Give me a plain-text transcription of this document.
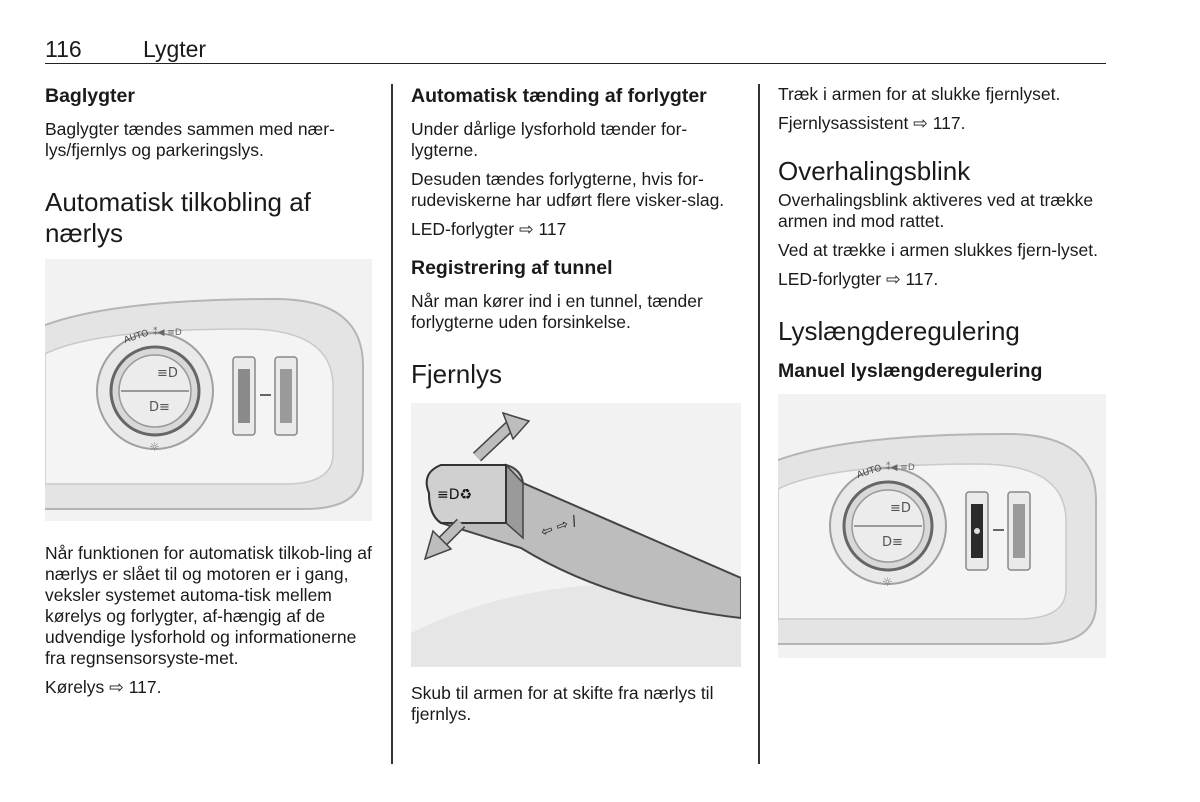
116	Lygter
Baglygter

Baglygter tændes sammen med nær-lys/fjernlys og parkeringslys.

Automatisk tilkobling af nærlys
≡D
D≡
AUTO ⁑◀ ≡D
☼

Når funktionen for automatisk tilkob-ling af nærlys er slået til og motoren er i gang, veksler systemet automa-tisk mellem kørelys og forlygter, af-hængig af de udvendige lysforhold og informationerne fra regnsensorsyste-met.

Kørelys ⇨ 117.

Automatisk tænding af forlygter

Under dårlige lysforhold tænder for-lygterne.

Desuden tændes forlygterne, hvis for-rudeviskerne har udført flere visker-slag.

LED-forlygter ⇨ 117

Registrering af tunnel

Når man kører ind i en tunnel, tænder forlygterne uden forsinkelse.

Fjernlys
≡D♻
⇦ ⇨ /

Skub til armen for at skifte fra nærlys til fjernlys.

Træk i armen for at slukke fjernlyset.

Fjernlysassistent ⇨ 117.

Overhalingsblink

Overhalingsblink aktiveres ved at trække armen ind mod rattet.

Ved at trække i armen slukkes fjern-lyset.

LED-forlygter ⇨ 117.

Lyslængderegulering
Manuel lyslængderegulering
≡D
D≡
AUTO ⁑◀ ≡D
☼
